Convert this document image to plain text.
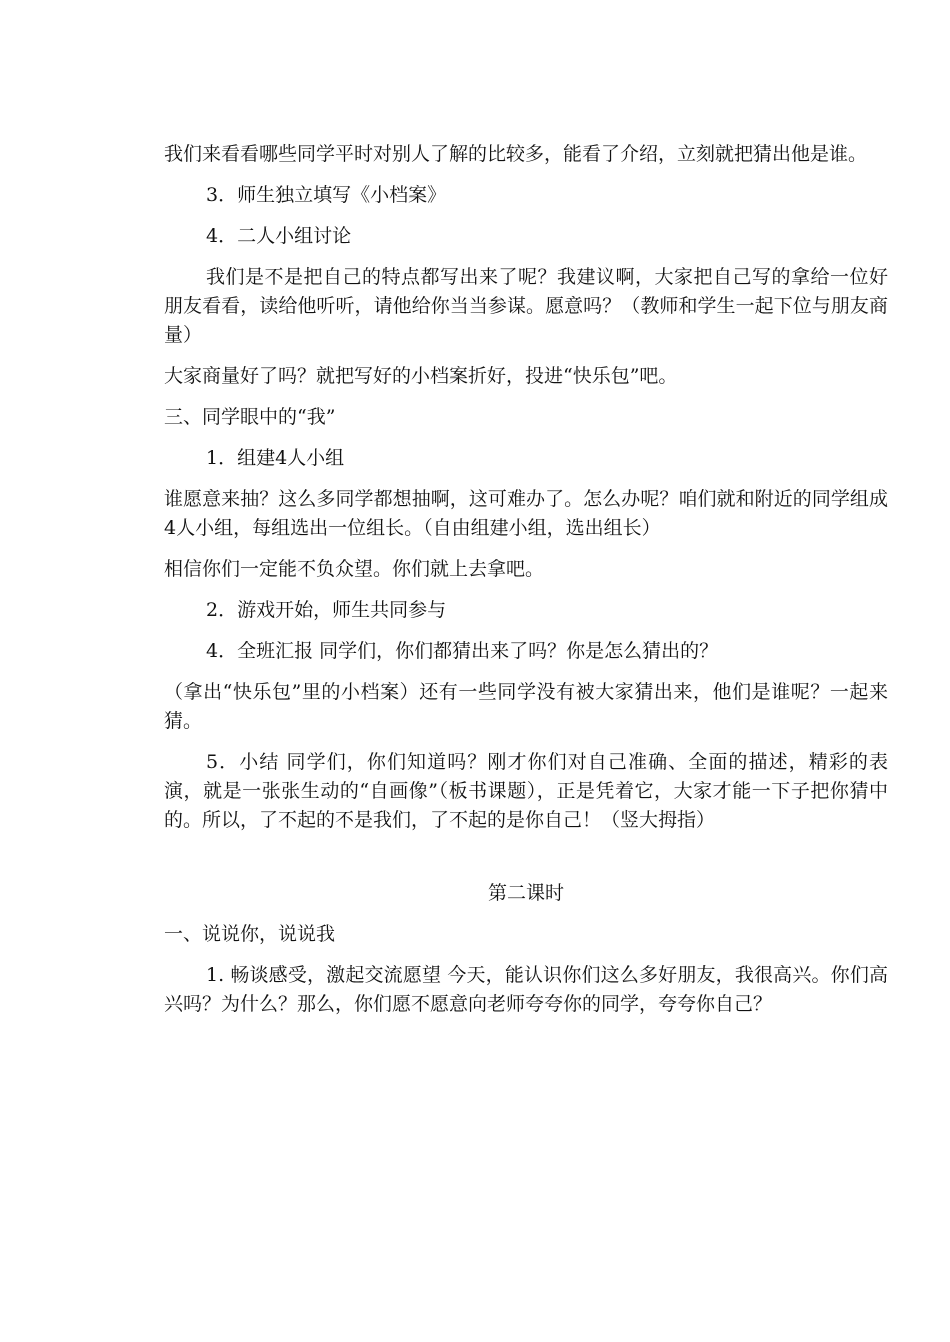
我们来看看哪些同学平时对别人了解的比较多，能看了介绍，立刻就把猜出他是谁。

3．师生独立填写《小档案》

4．二人小组讨论

我们是不是把自己的特点都写出来了呢？我建议啊，大家把自己写的拿给一位好朋友看看，读给他听听，请他给你当当参谋。愿意吗？（教师和学生一起下位与朋友商量）

大家商量好了吗？就把写好的小档案折好，投进“快乐包”吧。

三、同学眼中的“我”

1．组建4人小组

谁愿意来抽？这么多同学都想抽啊，这可难办了。怎么办呢？咱们就和附近的同学组成4人小组，每组选出一位组长。（自由组建小组，选出组长）

相信你们一定能不负众望。你们就上去拿吧。

2．游戏开始，师生共同参与

4．全班汇报 同学们，你们都猜出来了吗？你是怎么猜出的？

（拿出“快乐包”里的小档案）还有一些同学没有被大家猜出来，他们是谁呢？一起来猜。

5．小结 同学们，你们知道吗？刚才你们对自己准确、全面的描述，精彩的表演，就是一张张生动的“自画像”（板书课题），正是凭着它，大家才能一下子把你猜中的。所以，了不起的不是我们，了不起的是你自己！（竖大拇指）

第二课时

一、说说你，说说我

1. 畅谈感受，激起交流愿望 今天，能认识你们这么多好朋友，我很高兴。你们高兴吗？为什么？那么，你们愿不愿意向老师夸夸你的同学，夸夸你自己？
